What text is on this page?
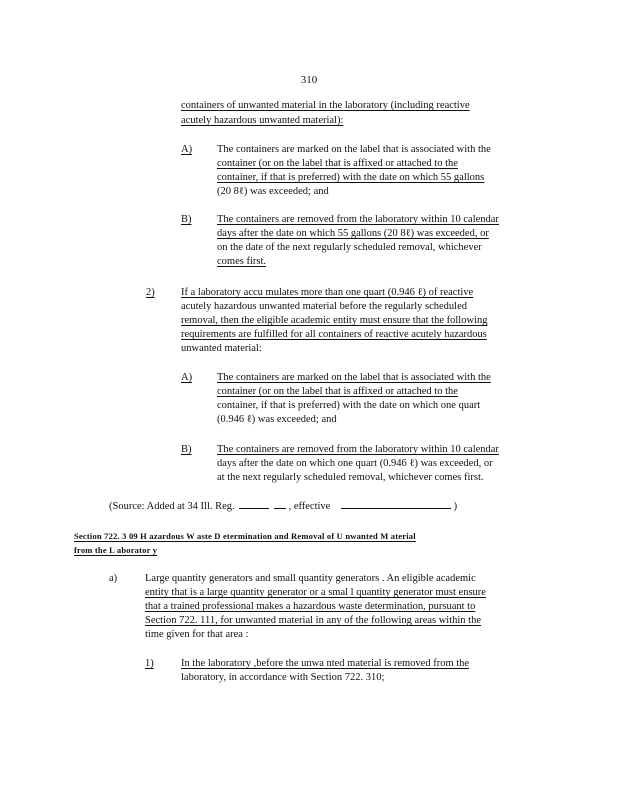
310
containers of unwanted material in the laboratory (including reactive
acutely hazardous unwanted material):
A) The containers are marked on the label that is associated with the
container (or on the label that is affixed or attached to the
container, if that is preferred) with the date on which 55 gallons
(20 8ℓ) was exceeded; and
B) The containers are removed from the laboratory within 10 calendar
days after the date on which 55 gallons (20 8ℓ) was exceeded, or
on the date of the next regularly scheduled removal, whichever
comes first.
2)	If a laboratory accu mulates more than one quart (0.946 ℓ) of reactive
acutely hazardous unwanted material before the regularly scheduled
removal, then the eligible academic entity must ensure that the following
requirements are fulfilled for all containers of reactive acutely hazardous
unwanted material:
A) The containers are marked on the label that is associated with the
container (or on the label that is affixed or attached to the
container, if that is preferred) with the date on which one quart
(0.946 ℓ) was exceeded; and
B) The containers are removed from the laboratory within 10 calendar
days after the date on which one quart (0.946 ℓ) was exceeded, or
at the next regularly scheduled removal, whichever comes first.
(Source: Added at 34 Ill. Reg.	, effective	)
Section 722. 3 09 H azardous W aste D etermination and Removal of U nwanted M aterial
from the L aborator y
a)	Large quantity generators and small quantity generators . An eligible academic
entity that is a large quantity generator or a smal l quantity generator must ensure
that a trained professional makes a hazardous waste determination, pursuant to
Section 722. 111, for unwanted material in any of the following areas within the
time given for that area :
1)	In the laboratory ,before the unwa nted material is removed from the
laboratory, in accordance with Section 722. 310;
